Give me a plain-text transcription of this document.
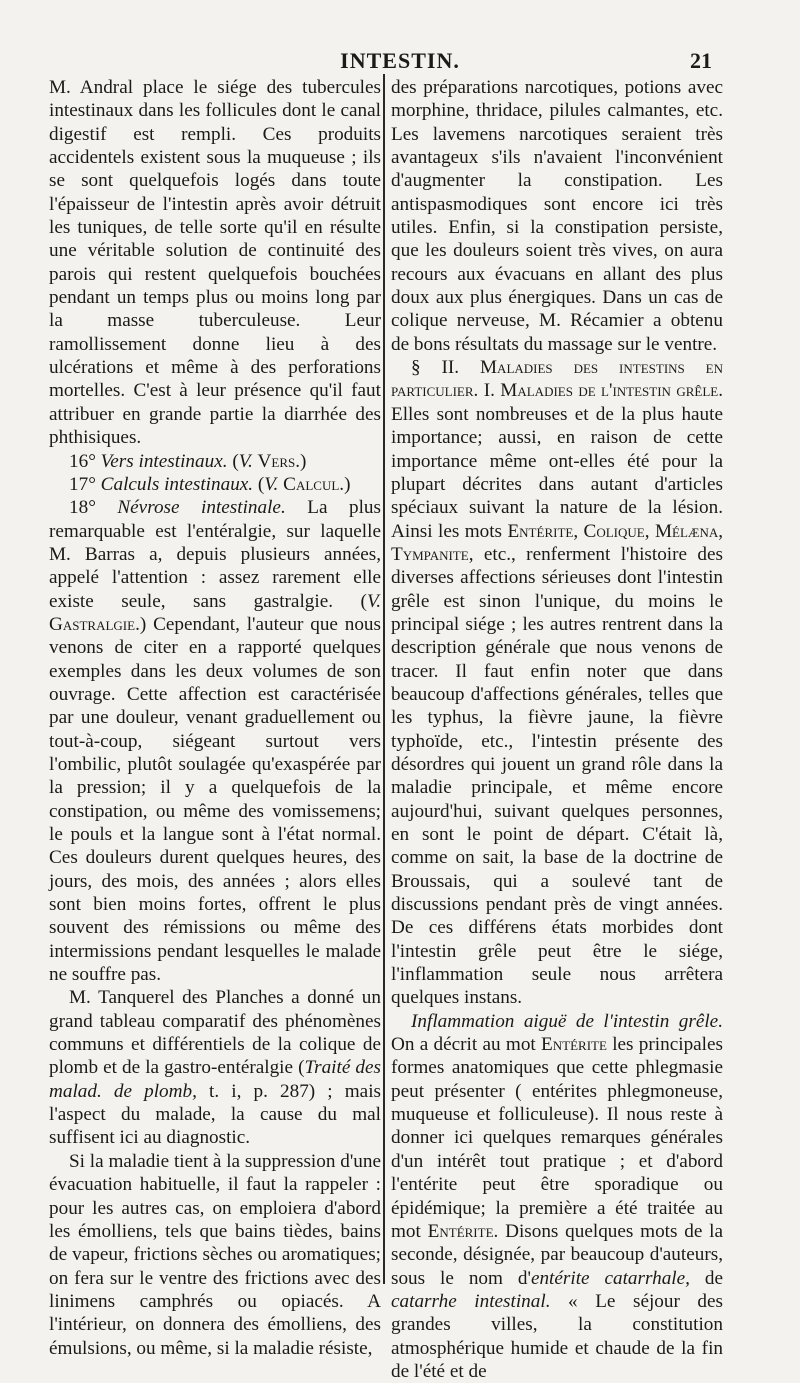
INTESTIN.	21

M. Andral place le siége des tubercules intestinaux dans les follicules dont le canal digestif est rempli. Ces produits accidentels existent sous la muqueuse ; ils se sont quelquefois logés dans toute l'épaisseur de l'intestin après avoir détruit les tuniques, de telle sorte qu'il en résulte une véritable solution de continuité des parois qui restent quelquefois bouchées pendant un temps plus ou moins long par la masse tuberculeuse. Leur ramollissement donne lieu à des ulcérations et même à des perforations mortelles. C'est à leur présence qu'il faut attribuer en grande partie la diarrhée des phthisiques.

16° Vers intestinaux. (V. Vers.)

17° Calculs intestinaux. (V. Calcul.)

18° Névrose intestinale. La plus remarquable est l'entéralgie, sur laquelle M. Barras a, depuis plusieurs années, appelé l'attention : assez rarement elle existe seule, sans gastralgie. (V. Gastralgie.) Cependant, l'auteur que nous venons de citer en a rapporté quelques exemples dans les deux volumes de son ouvrage. Cette affection est caractérisée par une douleur, venant graduellement ou tout-à-coup, siégeant surtout vers l'ombilic, plutôt soulagée qu'exaspérée par la pression; il y a quelquefois de la constipation, ou même des vomissemens; le pouls et la langue sont à l'état normal. Ces douleurs durent quelques heures, des jours, des mois, des années ; alors elles sont bien moins fortes, offrent le plus souvent des rémissions ou même des intermissions pendant lesquelles le malade ne souffre pas.

M. Tanquerel des Planches a donné un grand tableau comparatif des phénomènes communs et différentiels de la colique de plomb et de la gastro-entéralgie (Traité des malad. de plomb, t. i, p. 287) ; mais l'aspect du malade, la cause du mal suffisent ici au diagnostic.

Si la maladie tient à la suppression d'une évacuation habituelle, il faut la rappeler : pour les autres cas, on emploiera d'abord les émolliens, tels que bains tièdes, bains de vapeur, frictions sèches ou aromatiques; on fera sur le ventre des frictions avec des linimens camphrés ou opiacés. A l'intérieur, on donnera des émolliens, des émulsions, ou même, si la maladie résiste,

des préparations narcotiques, potions avec morphine, thridace, pilules calmantes, etc. Les lavemens narcotiques seraient très avantageux s'ils n'avaient l'inconvénient d'augmenter la constipation. Les antispasmodiques sont encore ici très utiles. Enfin, si la constipation persiste, que les douleurs soient très vives, on aura recours aux évacuans en allant des plus doux aux plus énergiques. Dans un cas de colique nerveuse, M. Récamier a obtenu de bons résultats du massage sur le ventre.

§ II. Maladies des intestins en particulier. I. Maladies de l'intestin grêle. Elles sont nombreuses et de la plus haute importance; aussi, en raison de cette importance même ont-elles été pour la plupart décrites dans autant d'articles spéciaux suivant la nature de la lésion. Ainsi les mots Entérite, Colique, Mélæna, Tympanite, etc., renferment l'histoire des diverses affections sérieuses dont l'intestin grêle est sinon l'unique, du moins le principal siége ; les autres rentrent dans la description générale que nous venons de tracer. Il faut enfin noter que dans beaucoup d'affections générales, telles que les typhus, la fièvre jaune, la fièvre typhoïde, etc., l'intestin présente des désordres qui jouent un grand rôle dans la maladie principale, et même encore aujourd'hui, suivant quelques personnes, en sont le point de départ. C'était là, comme on sait, la base de la doctrine de Broussais, qui a soulevé tant de discussions pendant près de vingt années. De ces différens états morbides dont l'intestin grêle peut être le siége, l'inflammation seule nous arrêtera quelques instans.

Inflammation aiguë de l'intestin grêle. On a décrit au mot Entérite les principales formes anatomiques que cette phlegmasie peut présenter ( entérites phlegmoneuse, muqueuse et folliculeuse). Il nous reste à donner ici quelques remarques générales d'un intérêt tout pratique ; et d'abord l'entérite peut être sporadique ou épidémique; la première a été traitée au mot Entérite. Disons quelques mots de la seconde, désignée, par beaucoup d'auteurs, sous le nom d'entérite catarrhale, de catarrhe intestinal. « Le séjour des grandes villes, la constitution atmosphérique humide et chaude de la fin de l'été et de
